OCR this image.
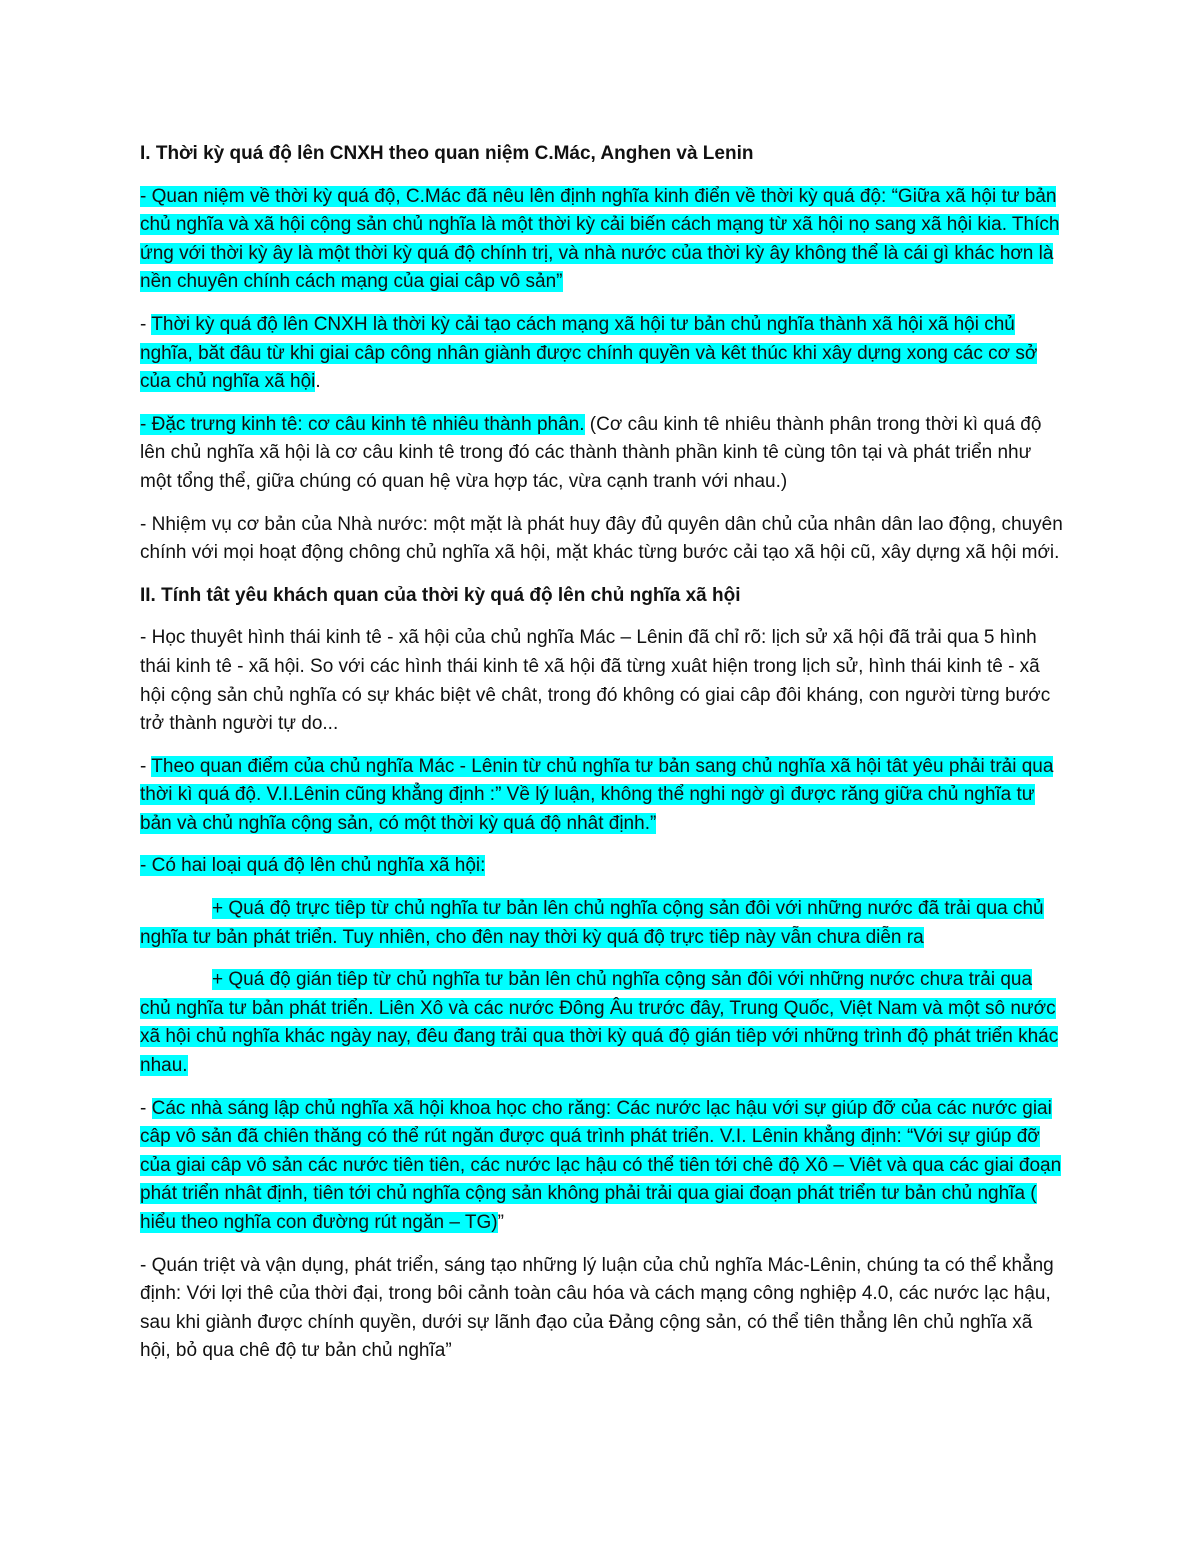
I. Thời kỳ quá độ lên CNXH theo quan niệm C.Mác, Anghen và Lenin

- Quan niệm về thời kỳ quá độ, C.Mác đã nêu lên định nghĩa kinh điển về thời kỳ quá độ: “Giữa xã hội tư bản chủ nghĩa và xã hội cộng sản chủ nghĩa là một thời kỳ cải biến cách mạng từ xã hội nọ sang xã hội kia. Thích ứng với thời kỳ ây là một thời kỳ quá độ chính trị, và nhà nước của thời kỳ ây không thể là cái gì khác hơn là nền chuyên chính cách mạng của giai câp vô sản”

- Thời kỳ quá độ lên CNXH là thời kỳ cải tạo cách mạng xã hội tư bản chủ nghĩa thành xã hội xã hội chủ nghĩa, băt đâu từ khi giai câp công nhân giành được chính quyền và kêt thúc khi xây dựng xong các cơ sở của chủ nghĩa xã hội.

- Đặc trưng kinh tê: cơ câu kinh tê nhiêu thành phân. (Cơ câu kinh tê nhiêu thành phân trong thời kì quá độ lên chủ nghĩa xã hội là cơ câu kinh tê trong đó các thành thành phần kinh tê cùng tôn tại và phát triển như một tổng thể, giữa chúng có quan hệ vừa hợp tác, vừa cạnh tranh với nhau.)

- Nhiệm vụ cơ bản của Nhà nước: một mặt là phát huy đây đủ quyên dân chủ của nhân dân lao động, chuyên chính với mọi hoạt động chông chủ nghĩa xã hội, mặt khác từng bước cải tạo xã hội cũ, xây dựng xã hội mới.

II. Tính tât yêu khách quan của thời kỳ quá độ lên chủ nghĩa xã hội

- Học thuyêt hình thái kinh tê - xã hội của chủ nghĩa Mác – Lênin đã chỉ rõ: lịch sử xã hội đã trải qua 5 hình thái kinh tê - xã hội. So với các hình thái kinh tê xã hội đã từng xuât hiện trong lịch sử, hình thái kinh tê - xã hội cộng sản chủ nghĩa có sự khác biệt vê chât, trong đó không có giai câp đôi kháng, con người từng bước trở thành người tự do...

- Theo quan điểm của chủ nghĩa Mác - Lênin từ chủ nghĩa tư bản sang chủ nghĩa xã hội tât yêu phải trải qua thời kì quá độ. V.I.Lênin cũng khẳng định :” Về lý luận, không thể nghi ngờ gì được răng giữa chủ nghĩa tư bản và chủ nghĩa cộng sản, có một thời kỳ quá độ nhât định.”

- Có hai loại quá độ lên chủ nghĩa xã hội:

+ Quá độ trực tiêp từ chủ nghĩa tư bản lên chủ nghĩa cộng sản đôi với những nước đã trải qua chủ nghĩa tư bản phát triển. Tuy nhiên, cho đên nay thời kỳ quá độ trực tiêp này vẫn chưa diễn ra

+ Quá độ gián tiêp từ chủ nghĩa tư bản lên chủ nghĩa cộng sản đôi với những nước chưa trải qua chủ nghĩa tư bản phát triển. Liên Xô và các nước Đông Âu trước đây, Trung Quốc, Việt Nam và một sô nước xã hội chủ nghĩa khác ngày nay, đêu đang trải qua thời kỳ quá độ gián tiêp với những trình độ phát triển khác nhau.

- Các nhà sáng lập chủ nghĩa xã hội khoa học cho răng: Các nước lạc hậu với sự giúp đỡ của các nước giai câp vô sản đã chiên thăng có thể rút ngăn được quá trình phát triển. V.I. Lênin khẳng định: “Với sự giúp đỡ của giai câp vô sản các nước tiên tiên, các nước lạc hậu có thể tiên tới chê độ Xô – Viêt và qua các giai đoạn phát triển nhât định, tiên tới chủ nghĩa cộng sản không phải trải qua giai đoạn phát triển tư bản chủ nghĩa ( hiểu theo nghĩa con đường rút ngăn – TG)”

- Quán triệt và vận dụng, phát triển, sáng tạo những lý luận của chủ nghĩa Mác-Lênin, chúng ta có thể khẳng định: Với lợi thê của thời đại, trong bôi cảnh toàn câu hóa và cách mạng công nghiệp 4.0, các nước lạc hậu, sau khi giành được chính quyền, dưới sự lãnh đạo của Đảng cộng sản, có thể tiên thẳng lên chủ nghĩa xã hội, bỏ qua chê độ tư bản chủ nghĩa”
